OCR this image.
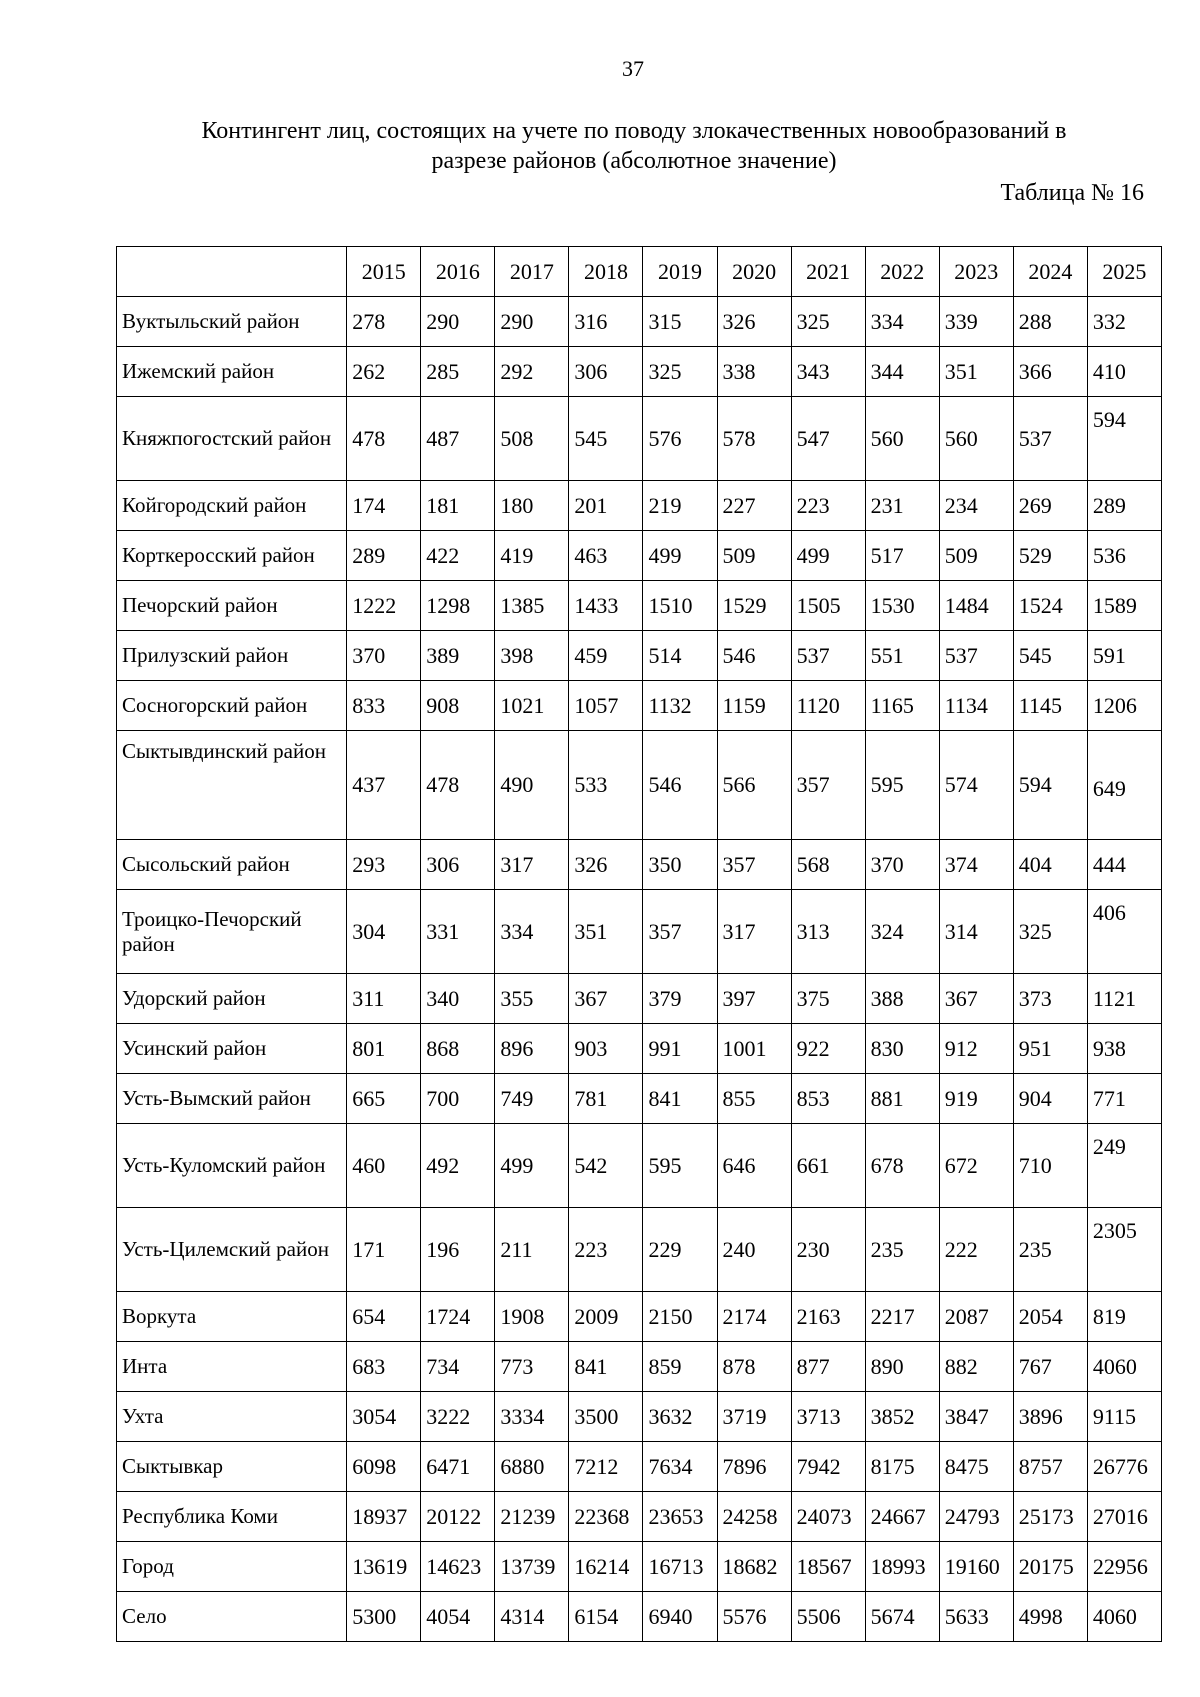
37
Контингент лиц, состоящих на учете по поводу злокачественных новообразований в
разрезе районов (абсолютное значение)
Таблица № 16
	2015	2016	2017	2018	2019	2020	2021	2022	2023	2024	2025
Вуктыльский район	278	290	290	316	315	326	325	334	339	288	332
Ижемский район	262	285	292	306	325	338	343	344	351	366	410
Княжпогостский район	478	487	508	545	576	578	547	560	560	537	594
Койгородский район	174	181	180	201	219	227	223	231	234	269	289
Корткеросский район	289	422	419	463	499	509	499	517	509	529	536
Печорский район	1222	1298	1385	1433	1510	1529	1505	1530	1484	1524	1589
Прилузский район	370	389	398	459	514	546	537	551	537	545	591
Сосногорский район	833	908	1021	1057	1132	1159	1120	1165	1134	1145	1206
Сыктывдинский район	437	478	490	533	546	566	357	595	574	594	649
Сысольский район	293	306	317	326	350	357	568	370	374	404	444
Троицко-Печорский район	304	331	334	351	357	317	313	324	314	325	406
Удорский район	311	340	355	367	379	397	375	388	367	373	1121
Усинский район	801	868	896	903	991	1001	922	830	912	951	938
Усть-Вымский район	665	700	749	781	841	855	853	881	919	904	771
Усть-Куломский район	460	492	499	542	595	646	661	678	672	710	249
Усть-Цилемский район	171	196	211	223	229	240	230	235	222	235	2305
Воркута	654	1724	1908	2009	2150	2174	2163	2217	2087	2054	819
Инта	683	734	773	841	859	878	877	890	882	767	4060
Ухта	3054	3222	3334	3500	3632	3719	3713	3852	3847	3896	9115
Сыктывкар	6098	6471	6880	7212	7634	7896	7942	8175	8475	8757	26776
Республика Коми	18937	20122	21239	22368	23653	24258	24073	24667	24793	25173	27016
Город	13619	14623	13739	16214	16713	18682	18567	18993	19160	20175	22956
Село	5300	4054	4314	6154	6940	5576	5506	5674	5633	4998	4060
